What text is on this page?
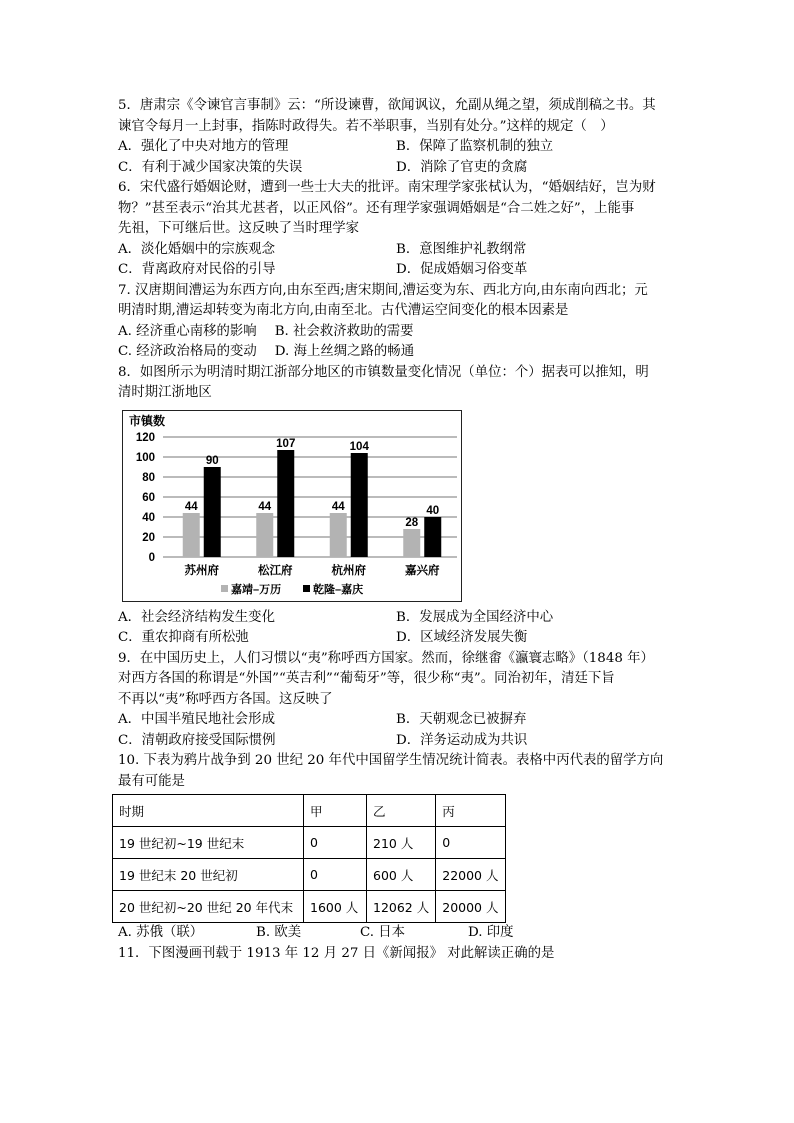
5．唐肃宗《令谏官言事制》云：“所设谏曹，欲闻讽议，允副从绳之望，须成削稿之书。其
谏官令每月一上封事，指陈时政得失。若不举职事，当别有处分。”这样的规定（　）
A．强化了中央对地方的管理	B．保障了监察机制的独立
C．有利于减少国家决策的失误	D．消除了官吏的贪腐
6．宋代盛行婚姻论财，遭到一些士大夫的批评。南宋理学家张栻认为，“婚姻结好，岂为财
物？”甚至表示“治其尤甚者，以正风俗”。还有理学家强调婚姻是“合二姓之好”，上能事
先祖，下可继后世。这反映了当时理学家
A．淡化婚姻中的宗族观念	B．意图维护礼教纲常
C．背离政府对民俗的引导	D．促成婚姻习俗变革
7. 汉唐期间漕运为东西方向,由东至西;唐宋期间,漕运变为东、西北方向,由东南向西北；元
明清时期,漕运却转变为南北方向,由南至北。古代漕运空间变化的根本因素是
A. 经济重心南移的影响 B. 社会救济救助的需要
C. 经济政治格局的变动 D. 海上丝绸之路的畅通
8．如图所示为明清时期江浙部分地区的市镇数量变化情况（单位：个）据表可以推知，明
清时期江浙地区
市镇数
0
20
40
60
80
100
120
44
90
苏州府
44
107
松江府
44
104
杭州府
28
40
嘉兴府
嘉靖–万历	乾隆–嘉庆
A．社会经济结构发生变化	B．发展成为全国经济中心
C．重农抑商有所松弛	D．区域经济发展失衡
9．在中国历史上，人们习惯以“夷”称呼西方国家。然而，徐继畬《瀛寰志略》（1848 年）
对西方各国的称谓是“外国”“英吉利”“葡萄牙”等，很少称“夷”。同治初年，清廷下旨
不再以“夷”称呼西方各国。这反映了
A．中国半殖民地社会形成	B．天朝观念已被摒弃
C．清朝政府接受国际惯例	D．洋务运动成为共识
10. 下表为鸦片战争到 20 世纪 20 年代中国留学生情况统计简表。表格中丙代表的留学方向
最有可能是
时期	甲	乙	丙
19 世纪初~19 世纪末	0	210 人	0
19 世纪末 20 世纪初	0	600 人	22000 人
20 世纪初~20 世纪 20 年代末	1600 人	12062 人	20000 人
A. 苏俄（联）	B. 欧美	C. 日本	D. 印度
11．下图漫画刊载于 1913 年 12 月 27 日《新闻报》 对此解读正确的是
